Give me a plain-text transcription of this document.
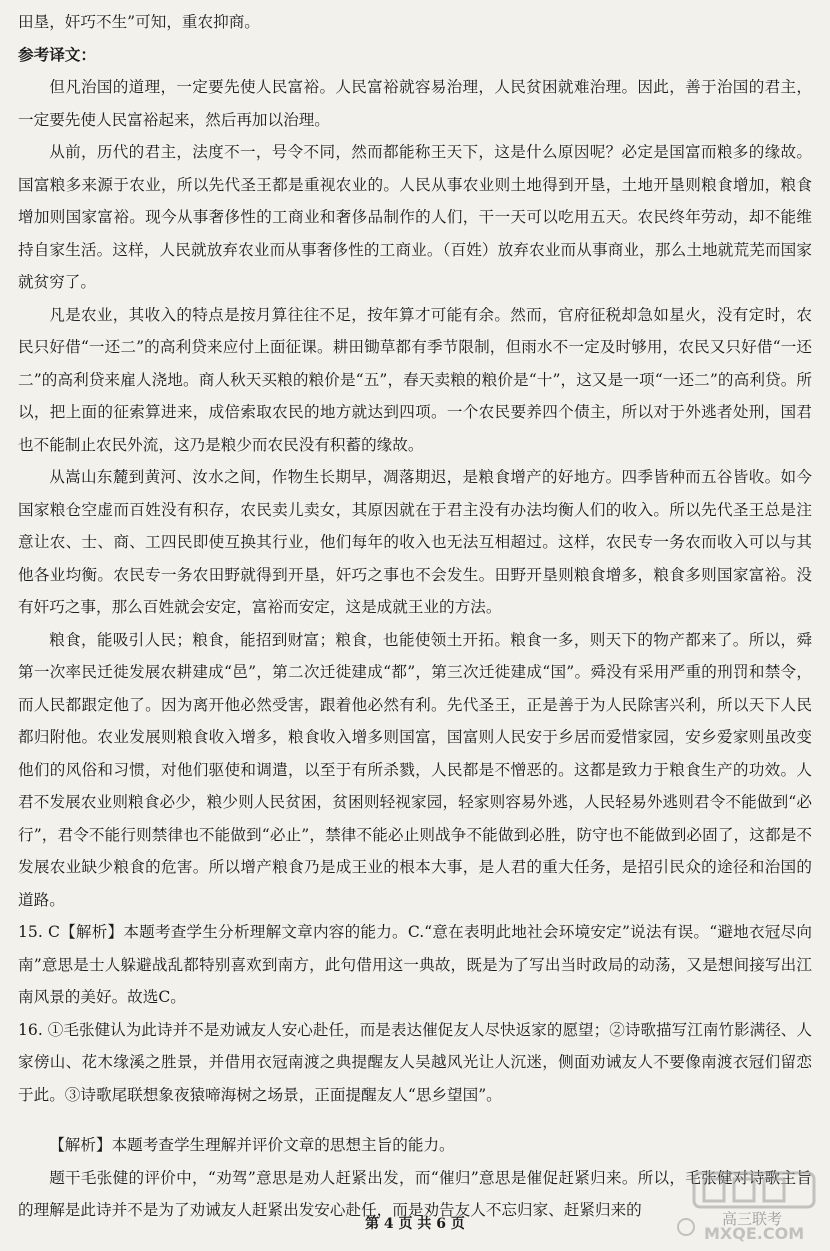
田垦，奸巧不生”可知，重农抑商。

参考译文：

但凡治国的道理，一定要先使人民富裕。人民富裕就容易治理，人民贫困就难治理。因此，善于治国的君主，一定要先使人民富裕起来，然后再加以治理。

从前，历代的君主，法度不一，号令不同，然而都能称王天下，这是什么原因呢？必定是国富而粮多的缘故。国富粮多来源于农业，所以先代圣王都是重视农业的。人民从事农业则土地得到开垦，土地开垦则粮食增加，粮食增加则国家富裕。现今从事奢侈性的工商业和奢侈品制作的人们，干一天可以吃用五天。农民终年劳动，却不能维持自家生活。这样，人民就放弃农业而从事奢侈性的工商业。（百姓）放弃农业而从事商业，那么土地就荒芜而国家就贫穷了。

凡是农业，其收入的特点是按月算往往不足，按年算才可能有余。然而，官府征税却急如星火，没有定时，农民只好借“一还二”的高利贷来应付上面征课。耕田锄草都有季节限制，但雨水不一定及时够用，农民又只好借“一还二”的高利贷来雇人浇地。商人秋天买粮的粮价是“五”，春天卖粮的粮价是“十”，这又是一项“一还二”的高利贷。所以，把上面的征索算进来，成倍索取农民的地方就达到四项。一个农民要养四个债主，所以对于外逃者处刑，国君也不能制止农民外流，这乃是粮少而农民没有积蓄的缘故。

从嵩山东麓到黄河、汝水之间，作物生长期早，凋落期迟，是粮食增产的好地方。四季皆种而五谷皆收。如今国家粮仓空虚而百姓没有积存，农民卖儿卖女，其原因就在于君主没有办法均衡人们的收入。所以先代圣王总是注意让农、士、商、工四民即使互换其行业，他们每年的收入也无法互相超过。这样，农民专一务农而收入可以与其他各业均衡。农民专一务农田野就得到开垦，奸巧之事也不会发生。田野开垦则粮食增多，粮食多则国家富裕。没有奸巧之事，那么百姓就会安定，富裕而安定，这是成就王业的方法。

粮食，能吸引人民；粮食，能招到财富；粮食，也能使领土开拓。粮食一多，则天下的物产都来了。所以，舜第一次率民迁徙发展农耕建成“邑”，第二次迁徙建成“都”，第三次迁徙建成“国”。舜没有采用严重的刑罚和禁令，而人民都跟定他了。因为离开他必然受害，跟着他必然有利。先代圣王，正是善于为人民除害兴利，所以天下人民都归附他。农业发展则粮食收入增多，粮食收入增多则国富，国富则人民安于乡居而爱惜家园，安乡爱家则虽改变他们的风俗和习惯，对他们驱使和调遣，以至于有所杀戮，人民都是不憎恶的。这都是致力于粮食生产的功效。人君不发展农业则粮食必少，粮少则人民贫困，贫困则轻视家园，轻家则容易外逃，人民轻易外逃则君令不能做到“必行”，君令不能行则禁律也不能做到“必止”，禁律不能必止则战争不能做到必胜，防守也不能做到必固了，这都是不发展农业缺少粮食的危害。所以增产粮食乃是成王业的根本大事，是人君的重大任务，是招引民众的途径和治国的道路。

15. C【解析】本题考查学生分析理解文章内容的能力。C.“意在表明此地社会环境安定”说法有误。“避地衣冠尽向南”意思是士人躲避战乱都特别喜欢到南方，此句借用这一典故，既是为了写出当时政局的动荡，又是想间接写出江南风景的美好。故选C。

16. ①毛张健认为此诗并不是劝诫友人安心赴任，而是表达催促友人尽快返家的愿望；②诗歌描写江南竹影满径、人家傍山、花木缘溪之胜景，并借用衣冠南渡之典提醒友人吴越风光让人沉迷，侧面劝诫友人不要像南渡衣冠们留恋于此。③诗歌尾联想象夜猿啼海树之场景，正面提醒友人“思乡望国”。

【解析】本题考查学生理解并评价文章的思想主旨的能力。

题干毛张健的评价中，“劝驾”意思是劝人赶紧出发，而“催归”意思是催促赶紧归来。所以，毛张健对诗歌主旨的理解是此诗并不是为了劝诫友人赶紧出发安心赴任，而是劝告友人不忘归家、赶紧归来的

第 4 页 共 6 页	MXQE.COM
高三联考
